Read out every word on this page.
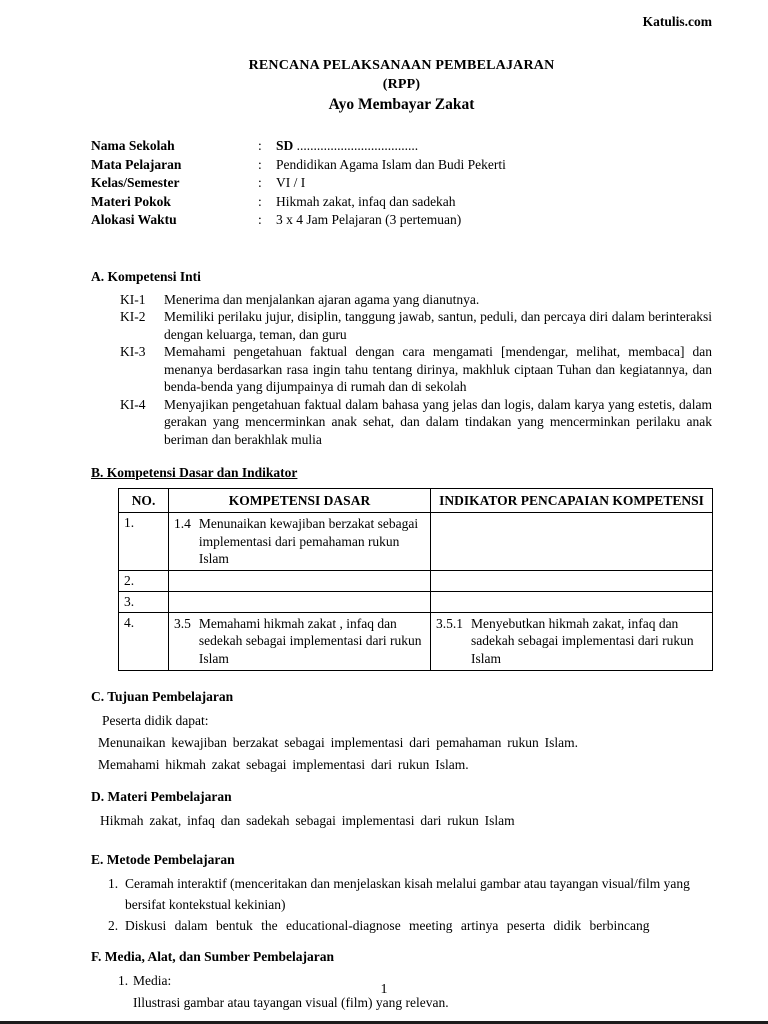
Katulis.com
RENCANA PELAKSANAAN PEMBELAJARAN
(RPP)
Ayo Membayar Zakat
Nama Sekolah	:	SD ....................................
Mata Pelajaran	:	Pendidikan Agama Islam dan Budi Pekerti
Kelas/Semester	:	VI / I
Materi Pokok	:	Hikmah zakat, infaq dan sadekah
Alokasi Waktu	:	3 x 4 Jam Pelajaran (3 pertemuan)
A. Kompetensi Inti
KI-1	Menerima dan menjalankan ajaran agama yang dianutnya.
KI-2	Memiliki perilaku jujur, disiplin, tanggung jawab, santun, peduli, dan percaya diri dalam berinteraksi dengan keluarga, teman, dan guru
KI-3	Memahami pengetahuan faktual dengan cara mengamati [mendengar, melihat, membaca] dan menanya berdasarkan rasa ingin tahu tentang dirinya, makhluk ciptaan Tuhan dan kegiatannya, dan benda-benda yang dijumpainya di rumah dan di sekolah
KI-4	Menyajikan pengetahuan faktual dalam bahasa yang jelas dan logis, dalam karya yang estetis, dalam gerakan yang mencerminkan anak sehat, dan dalam tindakan yang mencerminkan perilaku anak beriman dan berakhlak mulia
B. Kompetensi Dasar dan Indikator
NO.	KOMPETENSI DASAR	INDIKATOR PENCAPAIAN KOMPETENSI
1.	1.4 Menunaikan kewajiban berzakat sebagai implementasi dari pemahaman rukun Islam	

2.		
3.		
4.	3.5 Memahami hikmah zakat , infaq dan sedekah sebagai implementasi dari rukun Islam	3.5.1 Menyebutkan hikmah zakat, infaq dan sadekah sebagai implementasi dari rukun Islam
C. Tujuan Pembelajaran

Peserta didik dapat:

Menunaikan kewajiban berzakat sebagai implementasi dari pemahaman rukun Islam.

Memahami hikmah zakat sebagai implementasi dari rukun Islam.

D. Materi Pembelajaran

Hikmah zakat, infaq dan sadekah sebagai implementasi dari rukun Islam

E. Metode Pembelajaran
1. Ceramah interaktif (menceritakan dan menjelaskan kisah melalui gambar atau tayangan visual/film yang bersifat kontekstual kekinian)
2. Diskusi dalam bentuk the educational-diagnose meeting artinya peserta didik berbincang
F. Media, Alat, dan Sumber Pembelajaran
1. Media:

Illustrasi gambar atau tayangan visual (film) yang relevan.

1
